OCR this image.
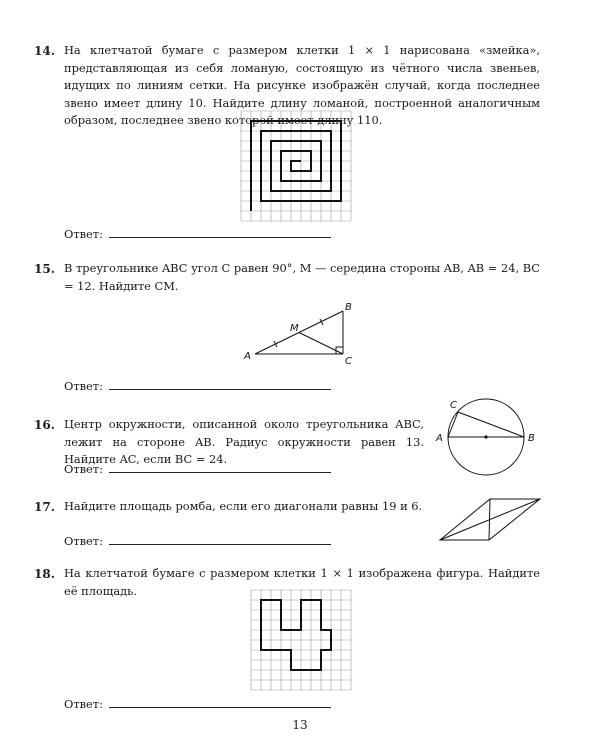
14. На клетчатой бумаге с размером клетки 1 × 1 нарисована «змейка», представляющая из себя ломаную, состоящую из чётного числа звеньев, идущих по линиям сетки. На рисунке изображён случай, когда последнее звено имеет длину 10. Найдите длину ломаной, построенной аналогичным образом, последнее звено которой имеет длину 110.
Ответ:
15. В треугольнике ABC угол C равен 90°, M — середина стороны AB, AB = 24, BC = 12. Найдите CM.
A
B
C
M
Ответ:
16. Центр окружности, описанной около треугольника ABC, лежит на стороне AB. Радиус окружности равен 13. Найдите AC, если BC = 24.
A	B
C
Ответ:
17. Найдите площадь ромба, если его диагонали равны 19 и 6.
Ответ:
18. На клетчатой бумаге с размером клетки 1 × 1 изображена фигура. Найдите её площадь.
Ответ:
13
